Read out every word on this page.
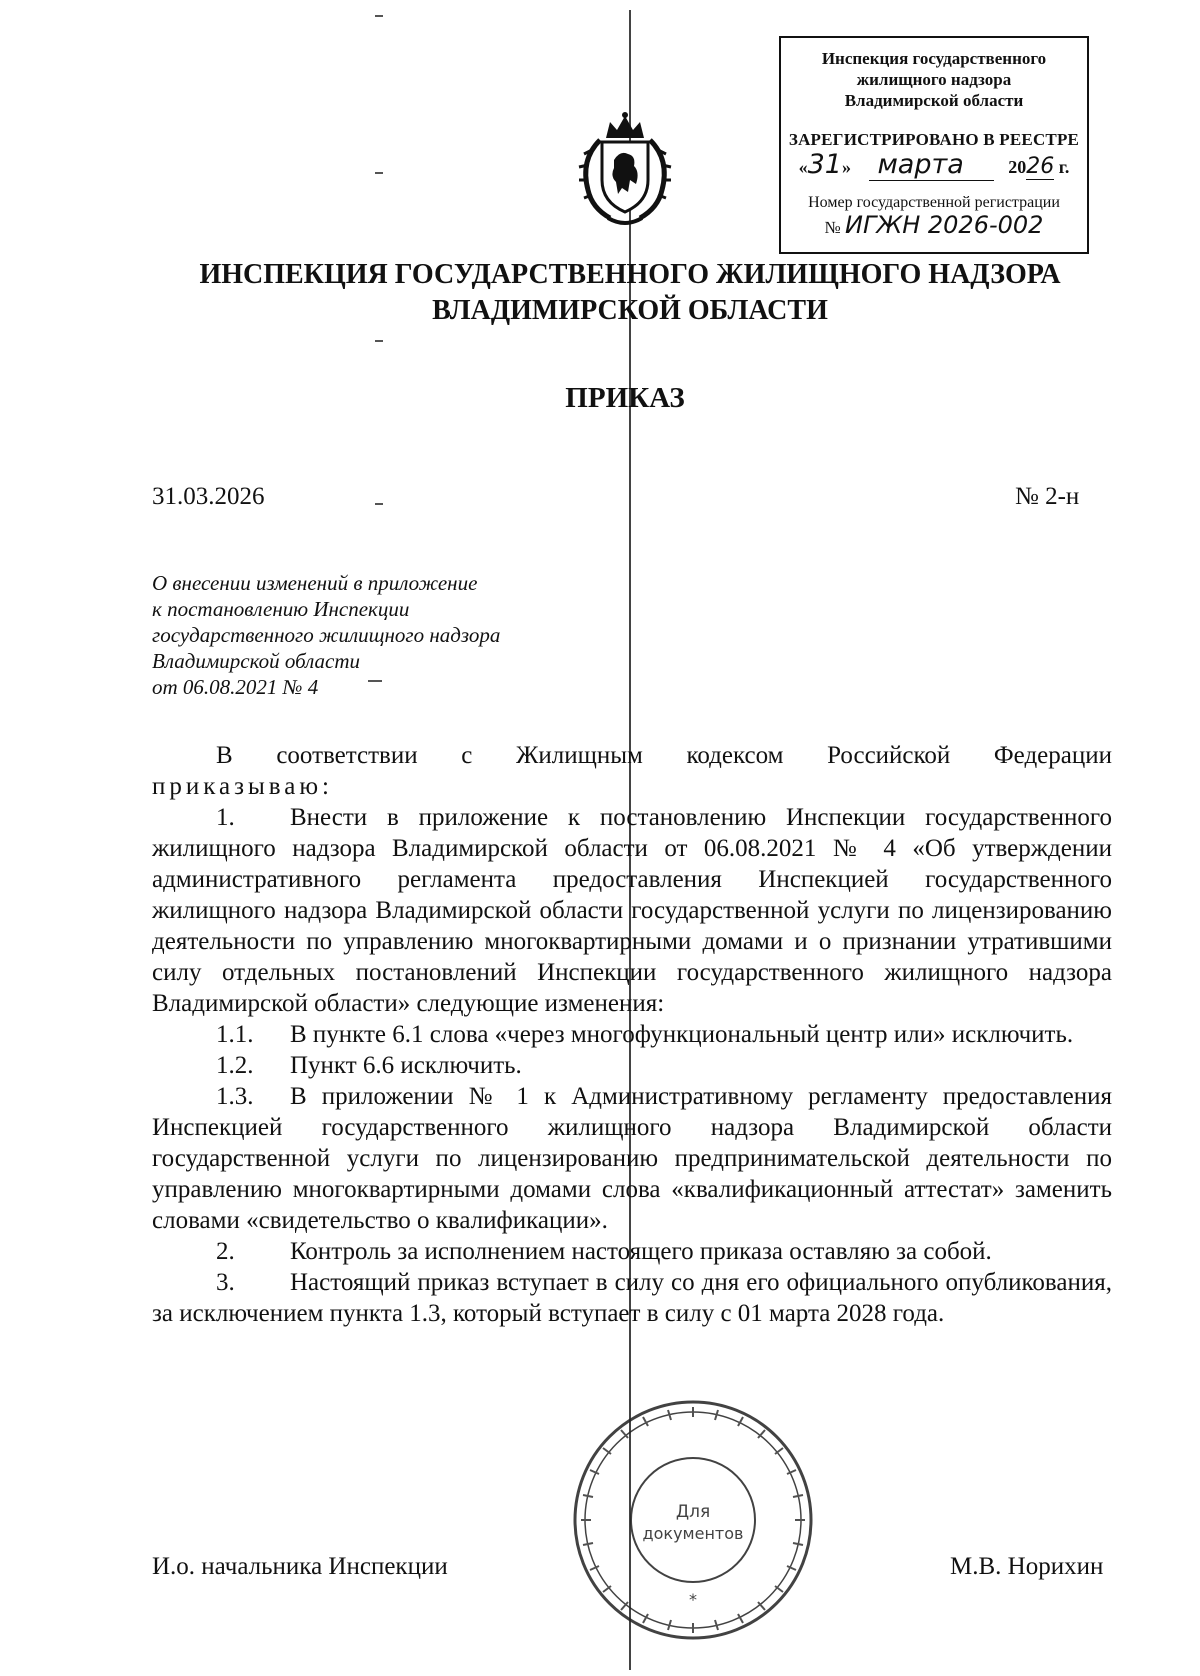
Инспекция государственного
жилищного надзора
Владимирской области
ЗАРЕГИСТРИРОВАНО В РЕЕСТРЕ
«31» марта 2026 г.
Номер государственной регистрации
№ ИГЖН 2026-002
ИНСПЕКЦИЯ ГОСУДАРСТВЕННОГО ЖИЛИЩНОГО НАДЗОРА
ВЛАДИМИРСКОЙ ОБЛАСТИ
ПРИКАЗ
31.03.2026	№ 2-н
О внесении изменений в приложение
к постановлению Инспекции
государственного жилищного надзора
Владимирской области
от 06.08.2021 № 4

В соответствии с Жилищным кодексом Российской Федерации

приказываю:

1. Внести в приложение к постановлению Инспекции государственного жилищного надзора Владимирской области от 06.08.2021 № 4 «Об утверждении административного регламента предоставления Инспекцией государственного жилищного надзора Владимирской области государственной услуги по лицензированию деятельности по управлению многоквартирными домами и о признании утратившими силу отдельных постановлений Инспекции государственного жилищного надзора Владимирской области» следующие изменения:

1.1. В пункте 6.1 слова «через многофункциональный центр или» исключить.

1.2. Пункт 6.6 исключить.

1.3. В приложении № 1 к Административному регламенту предоставления Инспекцией государственного жилищного надзора Владимирской области государственной услуги по лицензированию предпринимательской деятельности по управлению многоквартирными домами слова «квалификационный аттестат» заменить словами «свидетельство о квалификации».

2. Контроль за исполнением настоящего приказа оставляю за собой.

3. Настоящий приказ вступает в силу со дня его официального опубликования, за исключением пункта 1.3, который вступает в силу с 01 марта 2028 года.

Для
документов
*
И.о. начальника Инспекции	М.В. Норихин
